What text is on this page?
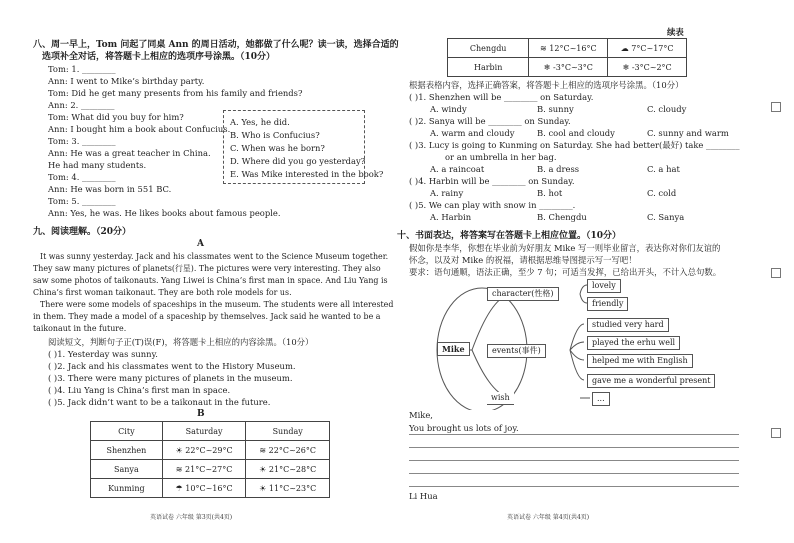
八、周一早上，Tom 问起了同桌 Ann 的周日活动，她都做了什么呢？读一读，选择合适的
选项补全对话，将答题卡上相应的选项序号涂黑。（10分）
Tom: 1. ________
Ann: I went to Mike’s birthday party.
Tom: Did he get many presents from his family and friends?
Ann: 2. ________
Tom: What did you buy for him?
Ann: I bought him a book about Confucius.
Tom: 3. ________
Ann: He was a great teacher in China.
He had many students.
Tom: 4. ________
Ann: He was born in 551 BC.
Tom: 5. ________
Ann: Yes, he was. He likes books about famous people.
A. Yes, he did.
B. Who is Confucius?
C. When was he born?
D. Where did you go yesterday?
E. Was Mike interested in the book?
九、阅读理解。（20分）
A
It was sunny yesterday. Jack and his classmates went to the Science Museum together.
They saw many pictures of planets(行星). The pictures were very interesting. They also
saw some photos of taikonauts. Yang Liwei is China’s first man in space. And Liu Yang is
China’s first woman taikonaut. They are both role models for us.
There were some models of spaceships in the museum. The students were all interested
in them. They made a model of a spaceship by themselves. Jack said he wanted to be a
taikonaut in the future.
阅读短文，判断句子正(T)误(F)，将答题卡上相应的内容涂黑。（10分）
( )1. Yesterday was sunny.
( )2. Jack and his classmates went to the History Museum.
( )3. There were many pictures of planets in the museum.
( )4. Liu Yang is China’s first man in space.
( )5. Jack didn’t want to be a taikonaut in the future.
B
City	Saturday	Sunday
Shenzhen	☀ 22°C~29°C	≋ 22°C~26°C
Sanya	≋ 21°C~27°C	☀ 21°C~28°C
Kunming	☂ 10°C~16°C	☀ 11°C~23°C
英语试卷 六年级 第3页(共4页)
续表
Chengdu	≋ 12°C~16°C	☁ 7°C~17°C
Harbin	❄ -3°C~3°C	❄ -3°C~2°C
根据表格内容，选择正确答案，将答题卡上相应的选项序号涂黑。（10分）
( )1. Shenzhen will be ________ on Saturday.
A. windy	B. sunny	C. cloudy
( )2. Sanya will be ________ on Sunday.
A. warm and cloudy	B. cool and cloudy	C. sunny and warm
( )3. Lucy is going to Kunming on Saturday. She had better(最好) take ________
or an umbrella in her bag.
A. a raincoat	B. a dress	C. a hat
( )4. Harbin will be ________ on Sunday.
A. rainy	B. hot	C. cold
( )5. We can play with snow in ________.
A. Harbin	B. Chengdu	C. Sanya
十、书面表达，将答案写在答题卡上相应位置。（10分）
假如你是李华，你想在毕业前为好朋友 Mike 写一则毕业留言，表达你对你们友谊的
怀念，以及对 Mike 的祝福，请根据思维导图提示写一写吧！
要求：语句通顺，语法正确，至少 7 句；可适当发挥，已给出开头，不计入总句数。
Mike
character(性格)
lovely
friendly
events(事件)
studied very hard
played the erhu well
helped me with English
gave me a wonderful present
wish	...
Mike,
You brought us lots of joy.
Li Hua
英语试卷 六年级 第4页(共4页)
